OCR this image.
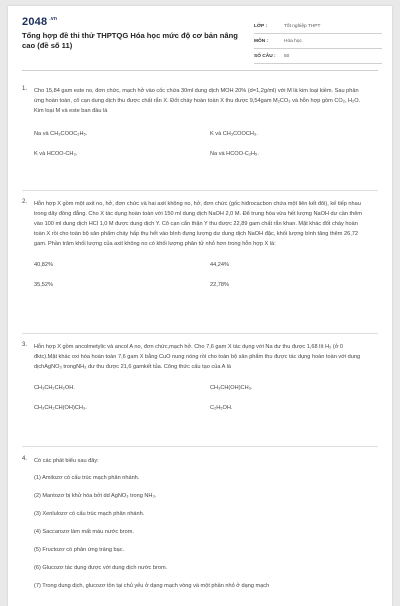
2048 $^{.vn}$
Tổng hợp đề thi thử THPTQG Hóa học mức độ cơ bản nâng cao (đề số 11)
LỚP :	Tốt nghiệp THPT
MÔN :	Hóa học
SỐ CÂU :	50
1. Cho 15,84 gam este no, đơn chức, mạch hở vào cốc chứa 30ml dung dịch MOH 20% (d=1,2g/ml) với M là kim loại kiềm. Sau phản ứng hoàn toàn, cô cạn dung dịch thu được chất rắn X. Đốt cháy hoàn toàn X thu được 9,54gam M₂CO₃ và hỗn hợp gồm CO₂, H₂O. Kim loại M và este ban đầu là
Na và CH₃COOC₂H₅.	K và CH₃COOCH₃.
K và HCOO-CH₃.	Na và HCOO-C₂H₅.
2. Hỗn hợp X gồm một axit no, hở, đơn chức và hai axit không no, hở, đơn chức (gốc hiđrocacbon chứa một liên kết đôi), kế tiếp nhau trong dãy đồng đẳng. Cho X tác dụng hoàn toàn với 150 ml dung dịch NaOH 2,0 M. Để trung hòa vừa hết lượng NaOH dư cần thêm vào 100 ml dung dịch HCl 1,0 M được dung dịch Y. Cô cạn cẩn thận Y thu được 22,89 gam chất rắn khan. Mặt khác đốt cháy hoàn toàn X rồi cho toàn bộ sản phẩm cháy hấp thụ hết vào bình đựng lượng dư dung dịch NaOH đặc, khối lượng bình tăng thêm 26,72 gam. Phần trăm khối lượng của axit không no có khối lượng phân tử nhỏ hơn trong hỗn hợp X là:
40,82%	44,24%
35,52%	22,78%
3. Hỗn hợp X gồm ancolmetylic và ancol A no, đơn chức,mạch hở. Cho 7,6 gam X tác dụng với Na dư thu được 1,68 lít H₂ (ở 0 đktc).Mặt khác oxi hóa hoàn toàn 7,6 gam X bằng CuO nung nóng rồi cho toàn bộ sản phẩm thu được tác dụng hoàn toàn với dung dịchAgNO₃ trongNH₃ dư thu được 21,6 gamkết tủa. Công thức cấu tạo của A là
CH₃CH₂CH₂OH.	CH₃CH(OH)CH₃.
CH₃CH₂CH(OH)CH₃.	C₂H₅OH.
4. Có các phát biểu sau đây:
(1) Amilozơ có cấu trúc mạch phân nhánh.
(2) Mantozơ bị khử hóa bởi dd AgNO₃ trong NH₃.
(3) Xenlulozơ có cấu trúc mạch phân nhánh.
(4) Saccarozơ làm mất màu nước brom.
(5) Fructozơ có phản ứng tráng bạc.
(6) Glucozơ tác dụng được với dung dịch nước brom.
(7) Trong dung dịch, glucozơ tồn tại chủ yếu ở dạng mạch vòng và một phần nhỏ ở dạng mạch
